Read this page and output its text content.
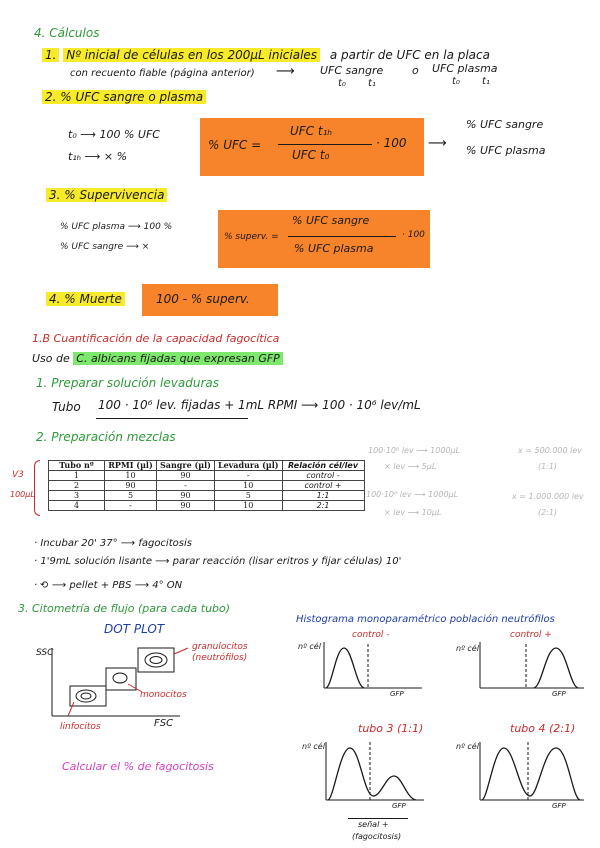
4. Cálculos
1. Nº inicial de células en los 200µL iniciales a partir de UFC en la placa
con recuento fiable (página anterior) ⟶ UFC sangre	o UFC plasma
t₀ t₁	t₀ t₁
2. % UFC sangre o plasma
t₀ ⟶ 100 % UFC
t₁ₕ ⟶ × %
% UFC =
UFC t₁ₕ
UFC t₀
· 100 ⟶
% UFC sangre
% UFC plasma
3. % Supervivencia
% UFC plasma ⟶ 100 %
% UFC sangre ⟶ ×
% superv. =
% UFC sangre
% UFC plasma
· 100
4. % Muerte	100 - % superv.
1.B Cuantificación de la capacidad fagocítica
Uso de C. albicans fijadas que expresan GFP
1. Preparar solución levaduras
Tubo 100 · 10⁶ lev. fijadas + 1mL RPMI ⟶ 100 · 10⁶ lev/mL
2. Preparación mezclas
V3
100µL
Tubo nº	RPMI (µl)	Sangre (µl)	Levadura (µl)	Relación cél/lev
1	10	90	-	control -
2	90	-	10	control +
3	5	90	5	1:1
4	-	90	10	2:1
100·10⁶ lev ⟶ 1000µL
× lev ⟶ 5µL
x = 500.000 lev
(1:1)
100·10⁶ lev ⟶ 1000µL
× lev ⟶ 10µL
x = 1.000.000 lev
(2:1)
· Incubar 20' 37° ⟶ fagocitosis
· 1'9mL solución lisante ⟶ parar reacción (lisar eritros y fijar células) 10'
· ⟲ ⟶ pellet + PBS ⟶ 4° ON
3. Citometría de flujo (para cada tubo)
DOT PLOT
Histograma monoparamétrico población neutrófilos
SSC
FSC
granulocitos (neutrófilos)
monocitos
linfocitos
Calcular el % de fagocitosis
control -
nº cél
GFP
control +
nº cél
GFP
tubo 3 (1:1)
nº cél
GFP
tubo 4 (2:1)
nº cél
GFP
señal +
(fagocitosis)
